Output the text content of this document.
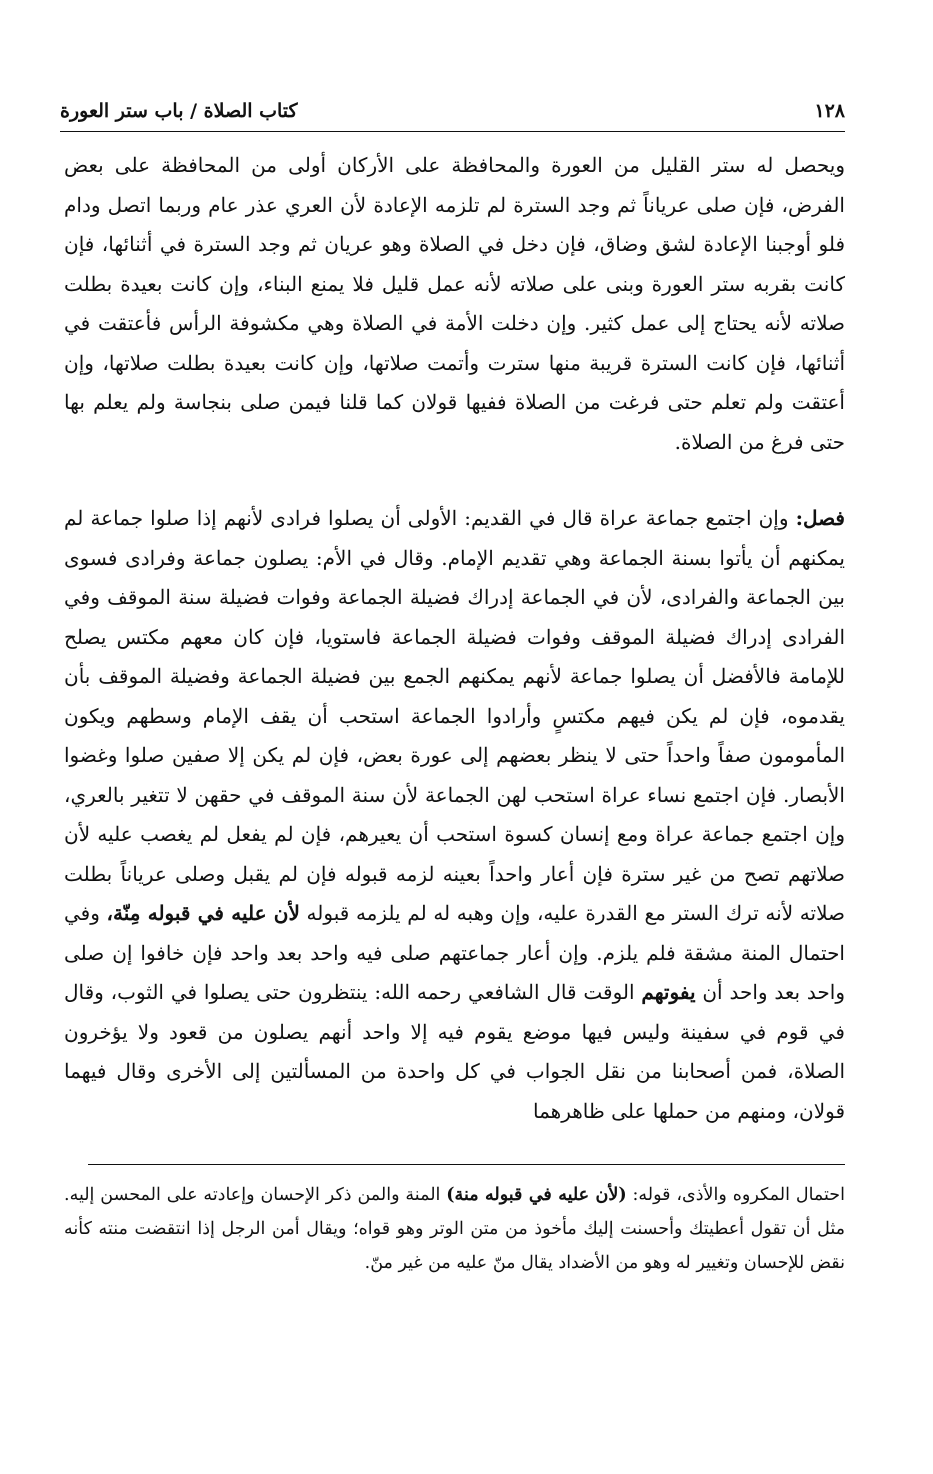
١٢٨
كتاب الصلاة / باب ستر العورة

ويحصل له ستر القليل من العورة والمحافظة على الأركان أولى من المحافظة على بعض الفرض، فإن صلى عرياناً ثم وجد السترة لم تلزمه الإعادة لأن العري عذر عام وربما اتصل ودام فلو أوجبنا الإعادة لشق وضاق، فإن دخل في الصلاة وهو عريان ثم وجد السترة في أثنائها، فإن كانت بقربه ستر العورة وبنى على صلاته لأنه عمل قليل فلا يمنع البناء، وإن كانت بعيدة بطلت صلاته لأنه يحتاج إلى عمل كثير. وإن دخلت الأمة في الصلاة وهي مكشوفة الرأس فأعتقت في أثنائها، فإن كانت السترة قريبة منها سترت وأتمت صلاتها، وإن كانت بعيدة بطلت صلاتها، وإن أعتقت ولم تعلم حتى فرغت من الصلاة ففيها قولان كما قلنا فيمن صلى بنجاسة ولم يعلم بها حتى فرغ من الصلاة.

فصل: وإن اجتمع جماعة عراة قال في القديم: الأولى أن يصلوا فرادى لأنهم إذا صلوا جماعة لم يمكنهم أن يأتوا بسنة الجماعة وهي تقديم الإمام. وقال في الأم: يصلون جماعة وفرادى فسوى بين الجماعة والفرادى، لأن في الجماعة إدراك فضيلة الجماعة وفوات فضيلة سنة الموقف وفي الفرادى إدراك فضيلة الموقف وفوات فضيلة الجماعة فاستويا، فإن كان معهم مكتس يصلح للإمامة فالأفضل أن يصلوا جماعة لأنهم يمكنهم الجمع بين فضيلة الجماعة وفضيلة الموقف بأن يقدموه، فإن لم يكن فيهم مكتسٍ وأرادوا الجماعة استحب أن يقف الإمام وسطهم ويكون المأمومون صفاً واحداً حتى لا ينظر بعضهم إلى عورة بعض، فإن لم يكن إلا صفين صلوا وغضوا الأبصار. فإن اجتمع نساء عراة استحب لهن الجماعة لأن سنة الموقف في حقهن لا تتغير بالعري، وإن اجتمع جماعة عراة ومع إنسان كسوة استحب أن يعيرهم، فإن لم يفعل لم يغصب عليه لأن صلاتهم تصح من غير سترة فإن أعار واحداً بعينه لزمه قبوله فإن لم يقبل وصلى عرياناً بطلت صلاته لأنه ترك الستر مع القدرة عليه، وإن وهبه له لم يلزمه قبوله لأن عليه في قبوله مِنّة، وفي احتمال المنة مشقة فلم يلزم. وإن أعار جماعتهم صلى فيه واحد بعد واحد فإن خافوا إن صلى واحد بعد واحد أن يفوتهم الوقت قال الشافعي رحمه الله: ينتظرون حتى يصلوا في الثوب، وقال في قوم في سفينة وليس فيها موضع يقوم فيه إلا واحد أنهم يصلون من قعود ولا يؤخرون الصلاة، فمن أصحابنا من نقل الجواب في كل واحدة من المسألتين إلى الأخرى وقال فيهما قولان، ومنهم من حملها على ظاهرهما

احتمال المكروه والأذى، قوله: (لأن عليه في قبوله منة) المنة والمن ذكر الإحسان وإعادته على المحسن إليه. مثل أن تقول أعطيتك وأحسنت إليك مأخوذ من متن الوتر وهو قواه؛ ويقال أمن الرجل إذا انتقضت منته كأنه نقض للإحسان وتغيير له وهو من الأضداد يقال منّ عليه من غير منّ.
